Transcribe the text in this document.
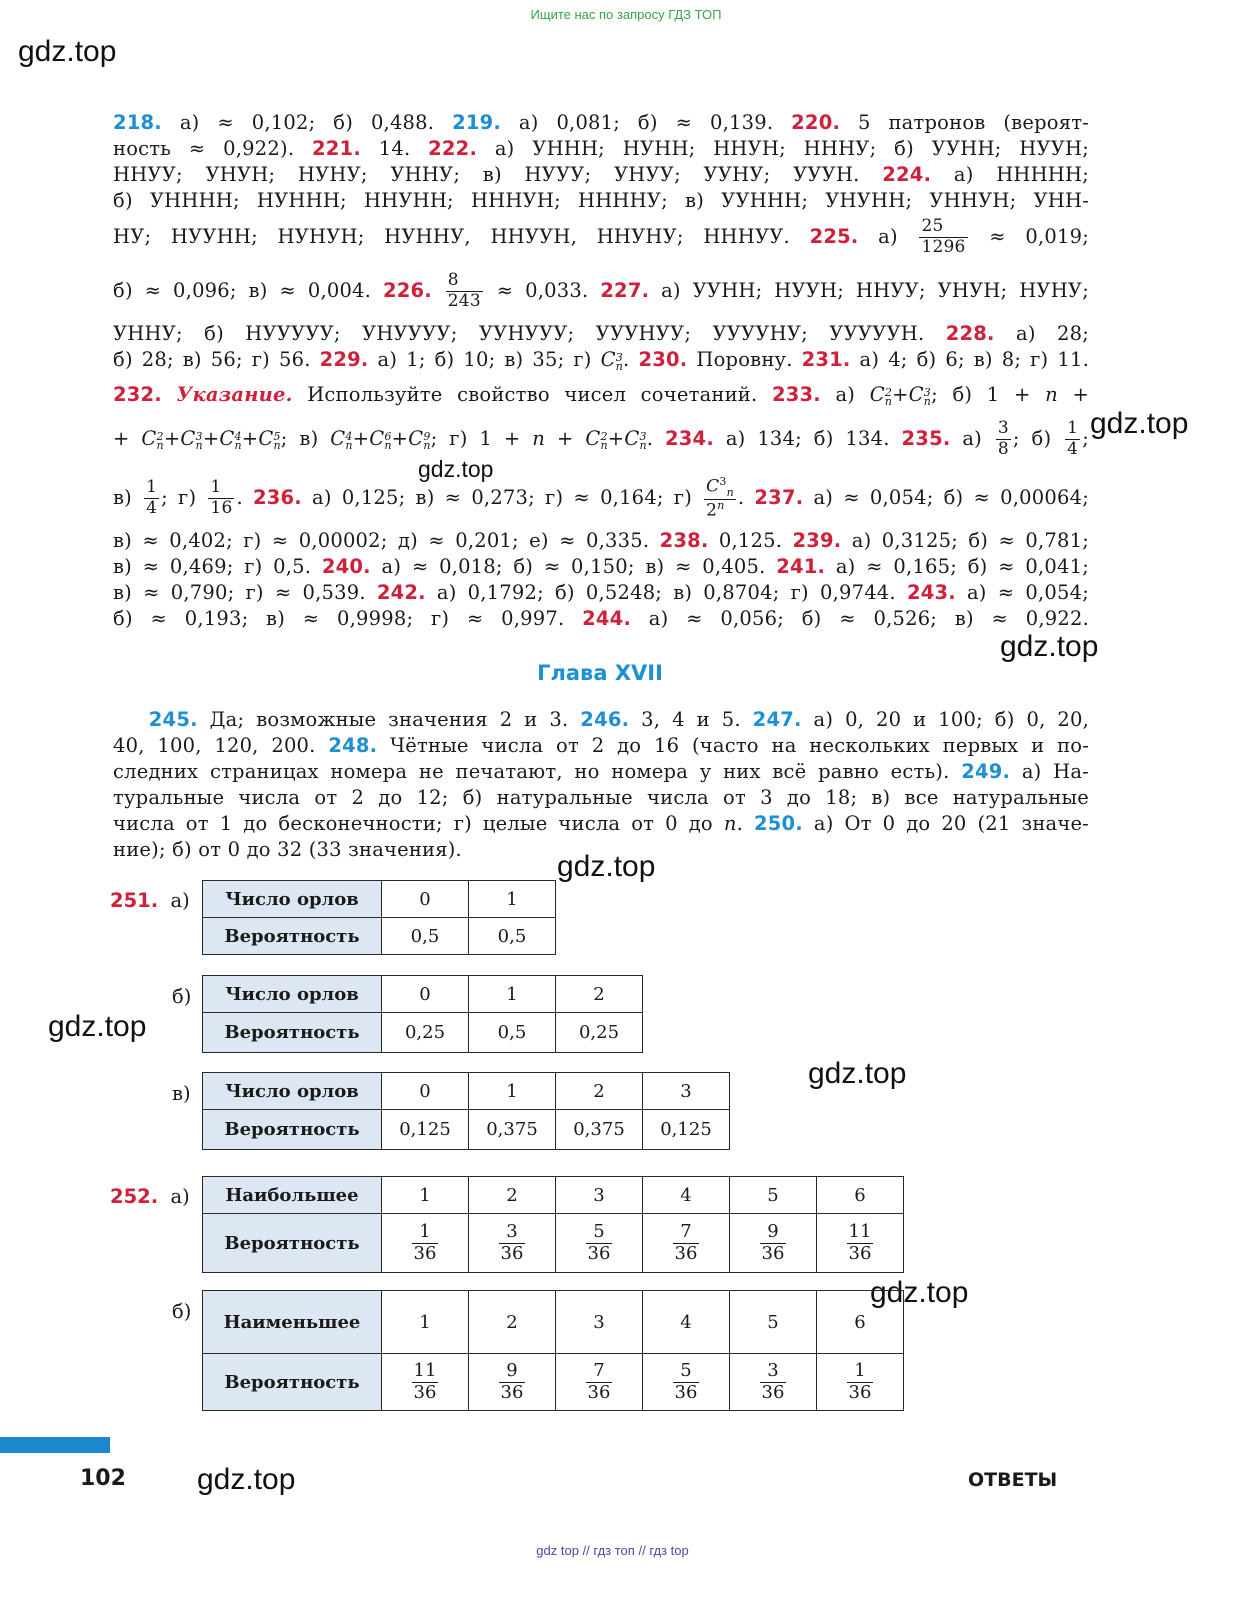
Ищите нас по запросу ГДЗ ТОП
gdz.top
gdz.top
gdz.top
gdz.top
gdz.top
gdz.top
gdz.top
gdz.top
gdz.top
218. а) ≈ 0,102; б) 0,488. 219. а) 0,081; б) ≈ 0,139. 220. 5 патронов (вероят-
ность ≈ 0,922). 221. 14. 222. а) УННН; НУНН; ННУН; НННУ; б) УУНН; НУУН;
ННУУ; УНУН; НУНУ; УННУ; в) НУУУ; УНУУ; УУНУ; УУУН. 224. а) ННННН;
б) УНННН; НУННН; ННУНН; НННУН; ННННУ; в) УУННН; УНУНН; УННУН; УНН-
НУ; НУУНН; НУНУН; НУННУ, ННУУН, ННУНУ; НННУУ. 225. $а) \frac{25}{1296} \approx 0,019$;
б) ≈ 0,096; в) ≈ 0,004. 226. $\frac{8}{243} \approx 0,033$. 227. а) УУНН; НУУН; ННУУ; УНУН; НУНУ;
УННУ; б) НУУУУУ; УНУУУУ; УУНУУУ; УУУНУУ; УУУУНУ; УУУУУН. 228. а) 28;
б) 28; в) 56; г) 56. 229. а) 1; б) 10; в) 35; г) C 3
n . 230. Поровну. 231. а) 4; б) 6; в) 8; г) 11.
232. Указание. Используйте свойство чисел сочетаний. 233. а) C 2
n +C 3
n ; б) 1 + n +
+ C 2
n +C 3
n +C 4
n +C 5
n ; в) C 4
n +C 6
n +C 9
n ; г) 1 + n + C 2
n +C 3
n . 234. а) 134; б) 134. 235. $а) \frac{3}{8}$ ; $б) \frac{1}{4}$ ;
$в) \frac{1}{4}$ ; $г) \frac{1}{16}$ . 236. а) 0,125; в) ≈ 0,273; г) ≈ 0,164; $г) \frac{C^3_n}{2^n}$ . 237. а) ≈ 0,054; б) ≈ 0,00064;
в) ≈ 0,402; г) ≈ 0,00002; д) ≈ 0,201; е) ≈ 0,335. 238. 0,125. 239. а) 0,3125; б) ≈ 0,781;
в) ≈ 0,469; г) 0,5. 240. а) ≈ 0,018; б) ≈ 0,150; в) ≈ 0,405. 241. а) ≈ 0,165; б) ≈ 0,041;
в) ≈ 0,790; г) ≈ 0,539. 242. а) 0,1792; б) 0,5248; в) 0,8704; г) 0,9744. 243. а) ≈ 0,054;
б) ≈ 0,193; в) ≈ 0,9998; г) ≈ 0,997. 244. а) ≈ 0,056; б) ≈ 0,526; в) ≈ 0,922.
Глава XVII
245. Да; возможные значения 2 и 3. 246. 3, 4 и 5. 247. а) 0, 20 и 100; б) 0, 20,
40, 100, 120, 200. 248. Чётные числа от 2 до 16 (часто на нескольких первых и по-
следних страницах номера не печатают, но номера у них всё равно есть). 249. а) На-
туральные числа от 2 до 12; б) натуральные числа от 3 до 18; в) все натуральные
числа от 1 до бесконечности; г) целые числа от 0 до n. 250. а) От 0 до 20 (21 значе-
ние); б) от 0 до 32 (33 значения).
251. а) Число орлов	0	1
Вероятность	0,5	0,5
б) Число орлов	0	1	2
Вероятность	0,25	0,5	0,25
в) Число орлов	0	1	2	3
Вероятность	0,125	0,375	0,375	0,125
252. а) Наибольшее	1	2	3	4	5	6
Вероятность	$\frac{1}{36}$	$\frac{3}{36}$	$\frac{5}{36}$	$\frac{7}{36}$	$\frac{9}{36}$	$\frac{11}{36}$
б) Наименьшее	1	2	3	4	5	6
Вероятность	$\frac{11}{36}$	$\frac{9}{36}$	$\frac{7}{36}$	$\frac{5}{36}$	$\frac{3}{36}$	$\frac{1}{36}$
102	ОТВЕТЫ
gdz top // гдз топ // гдз top
